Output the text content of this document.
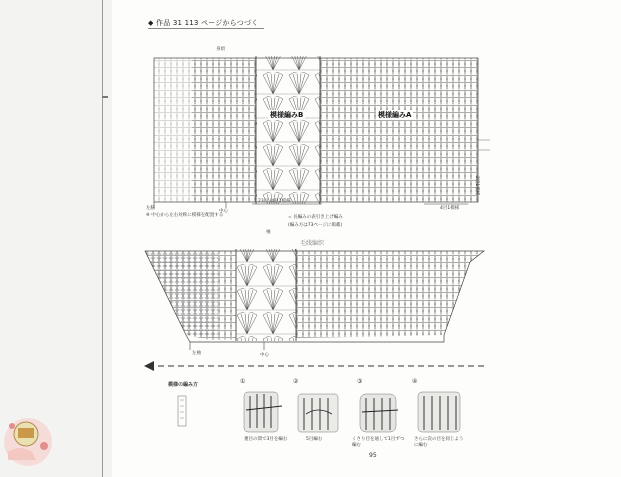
◆ 作品 31 113 ページからつづく
身頃
模様編みB	模様編みA
左脇
中心
23目 (4目1模様
4目1模様
2段1模様
※ 中心から左右対称に模様を配置する	= 長編みの表引き上げ編み
(編み方は73ページに掲載)
毛线编织
袖
左袖	中心
模様の編み方	①	②	③	④
裏目の間で3目を編む	5目編む	くさり目を通して1目ずつ編む
さらに次の目を同じように編む
95
